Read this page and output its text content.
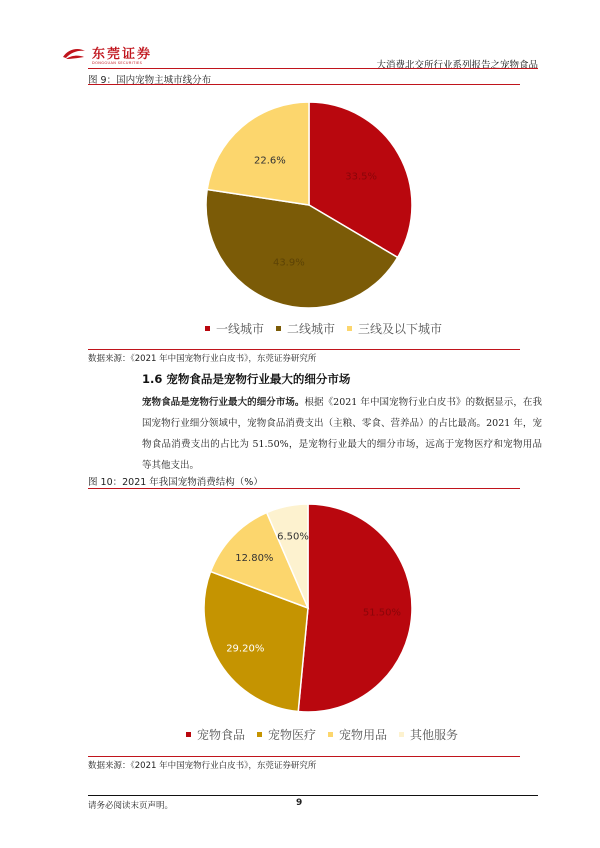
东莞证券
DONGGUAN SECURITIES	大消费北交所行业系列报告之宠物食品
图 9：国内宠物主城市线分布
33.5%
43.9%
22.6%
一线城市 二线城市 三线及以下城市
数据来源：《2021 年中国宠物行业白皮书》，东莞证券研究所
1.6 宠物食品是宠物行业最大的细分市场
宠物食品是宠物行业最大的细分市场。根据《2021 年中国宠物行业白皮书》的数据显示，在我国宠物行业细分领域中，宠物食品消费支出（主粮、零食、营养品）的占比最高。2021 年，宠物食品消费支出的占比为 51.50%，是宠物行业最大的细分市场，远高于宠物医疗和宠物用品等其他支出。
图 10：2021 年我国宠物消费结构（%）
51.50%
29.20%
12.80%
6.50%
宠物食品 宠物医疗 宠物用品 其他服务
数据来源：《2021 年中国宠物行业白皮书》，东莞证券研究所
请务必阅读末页声明。	9
